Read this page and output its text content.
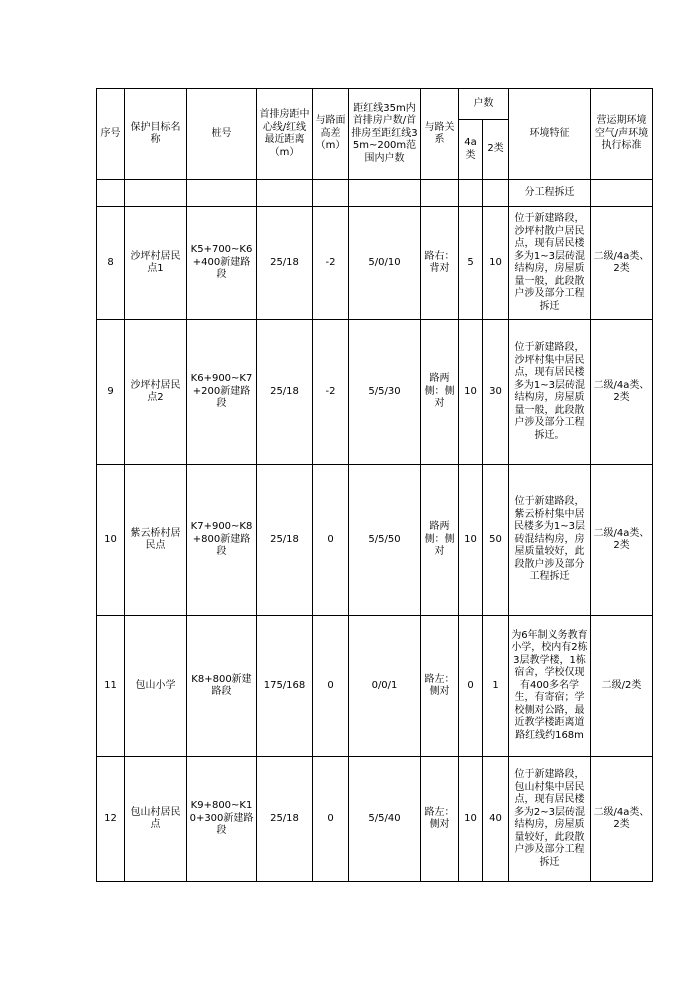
序号	保护目标名称	桩号	首排房距中心线/红线最近距离（m）	与路面高差（m）	距红线35m内首排房户数/首排房至距红线35m~200m范围内户数	与路关系	户数		环境特征	营运期环境空气/声环境执行标准
							4a类	2类		
									分工程拆迁	
8	沙坪村居民点1	K5+700~K6+400新建路段	25/18	-2	5/0/10	路右：背对	5	10	位于新建路段，沙坪村散户居民点，现有居民楼多为1~3层砖混结构房，房屋质量一般，此段散户涉及部分工程拆迁	二级/4a类、2类
9	沙坪村居民点2	K6+900~K7+200新建路段	25/18	-2	5/5/30	路两侧：侧对	10	30	位于新建路段，沙坪村集中居民点，现有居民楼多为1~3层砖混结构房，房屋质量一般，此段散户涉及部分工程拆迁。	二级/4a类、2类
10	紫云桥村居民点	K7+900~K8+800新建路段	25/18	0	5/5/50	路两侧：侧对	10	50	位于新建路段，紫云桥村集中居民楼多为1~3层砖混结构房，房屋质量较好，此段散户涉及部分工程拆迁	二级/4a类、2类
11	包山小学	K8+800新建路段	175/168	0	0/0/1	路左：侧对	0	1	为6年制义务教育小学，校内有2栋3层教学楼，1栋宿舍，学校仅现有400多名学生，有寄宿；学校侧对公路，最近教学楼距离道路红线约168m	二级/2类
12	包山村居民点	K9+800~K10+300新建路段	25/18	0	5/5/40	路左：侧对	10	40	位于新建路段，包山村集中居民点，现有居民楼多为2~3层砖混结构房，房屋质量较好，此段散户涉及部分工程拆迁	二级/4a类、2类
